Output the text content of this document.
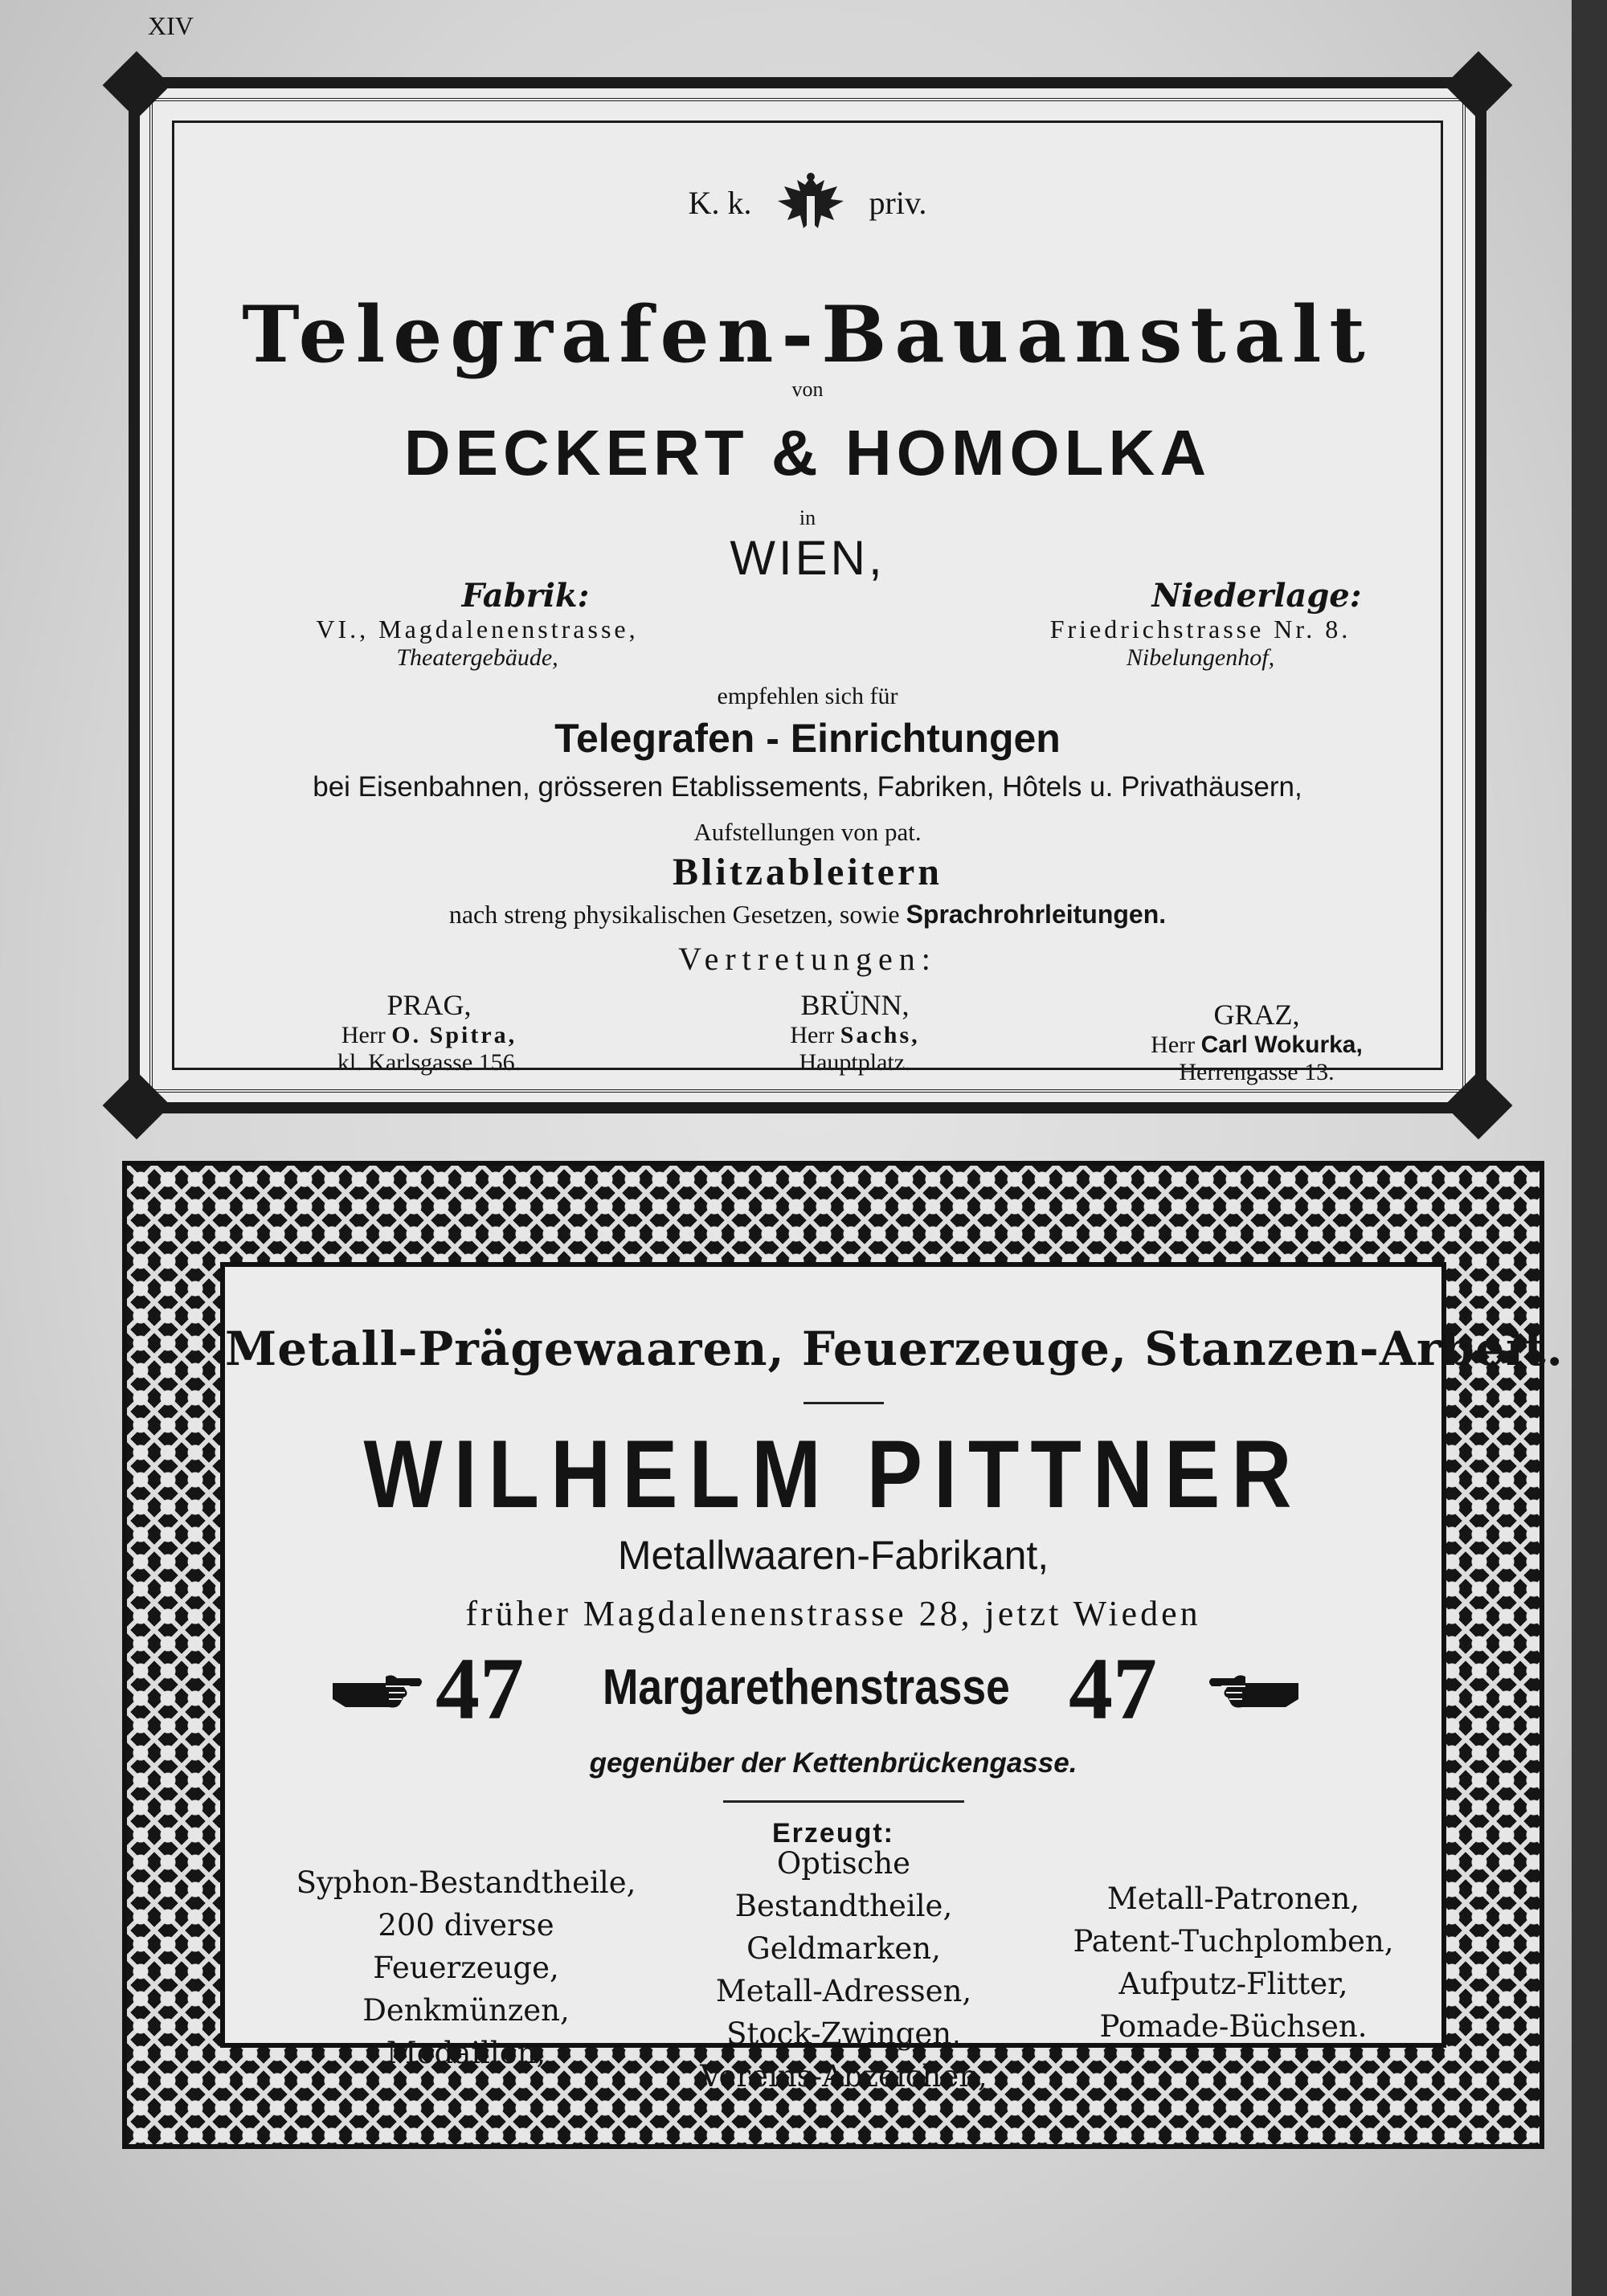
XIV
K. k.	priv.
Telegrafen-Bauanstalt
von
DECKERT & HOMOLKA
in
WIEN,
Fabrik:
VI., Magdalenenstrasse,
Theatergebäude,
Niederlage:
Friedrichstrasse Nr. 8.
Nibelungenhof,
empfehlen sich für
Telegrafen - Einrichtungen
bei Eisenbahnen, grösseren Etablissements, Fabriken, Hôtels u. Privathäusern,
Aufstellungen von pat.
Blitzableitern
nach streng physikalischen Gesetzen, sowie Sprachrohrleitungen.
Vertretungen:
PRAG,
Herr O. Spitra,
kl. Karlsgasse 156.
BRÜNN,
Herr Sachs,
Hauptplatz.
GRAZ,
Herr Carl Wokurka,
Herrengasse 13.
Metall-Prägewaaren, Feuerzeuge, Stanzen-Arbeit.
WILHELM PITTNER
Metallwaaren-Fabrikant,
früher Magdalenenstrasse 28, jetzt Wieden
47 Margarethenstrasse 47
gegenüber der Kettenbrückengasse.
Erzeugt:
Syphon-Bestandtheile,
200 diverse Feuerzeuge,
Denkmünzen,
Medaillen,
Optische Bestandtheile,
Geldmarken,
Metall-Adressen,
Stock-Zwingen,
Vereins-Abzeichen,
Metall-Patronen,
Patent-Tuchplomben,
Aufputz-Flitter,
Pomade-Büchsen.
